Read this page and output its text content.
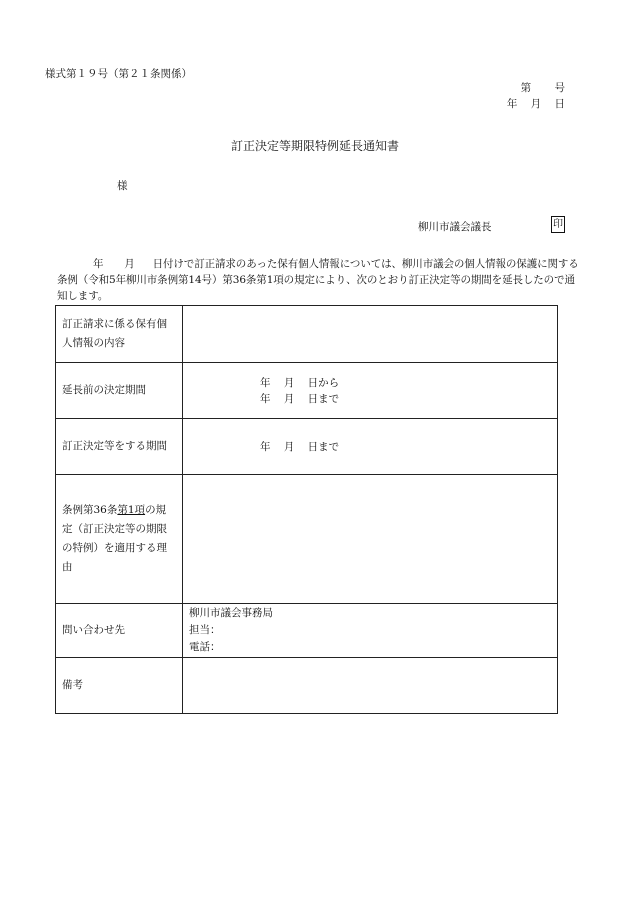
様式第１９号（第２１条関係）
第 号
年 月 日
訂正決定等期限特例延長通知書
様
柳川市議会議長	印
年　　月 日付けで訂正請求のあった保有個人情報については、柳川市議会の個人情報の保護に関する条例（令和5年柳川市条例第14号）第36条第1項の規定により、次のとおり訂正決定等の期間を延長したので通知します。
訂正請求に係る保有個人情報の内容	
延長前の決定期間	年 月 日から
年 月 日まで

訂正決定等をする期間	年 月 日まで

条例第36条第1項の規定（訂正決定等の期限の特例）を適用する理由	
問い合わせ先	柳川市議会事務局
担当：
電話：

備考	
